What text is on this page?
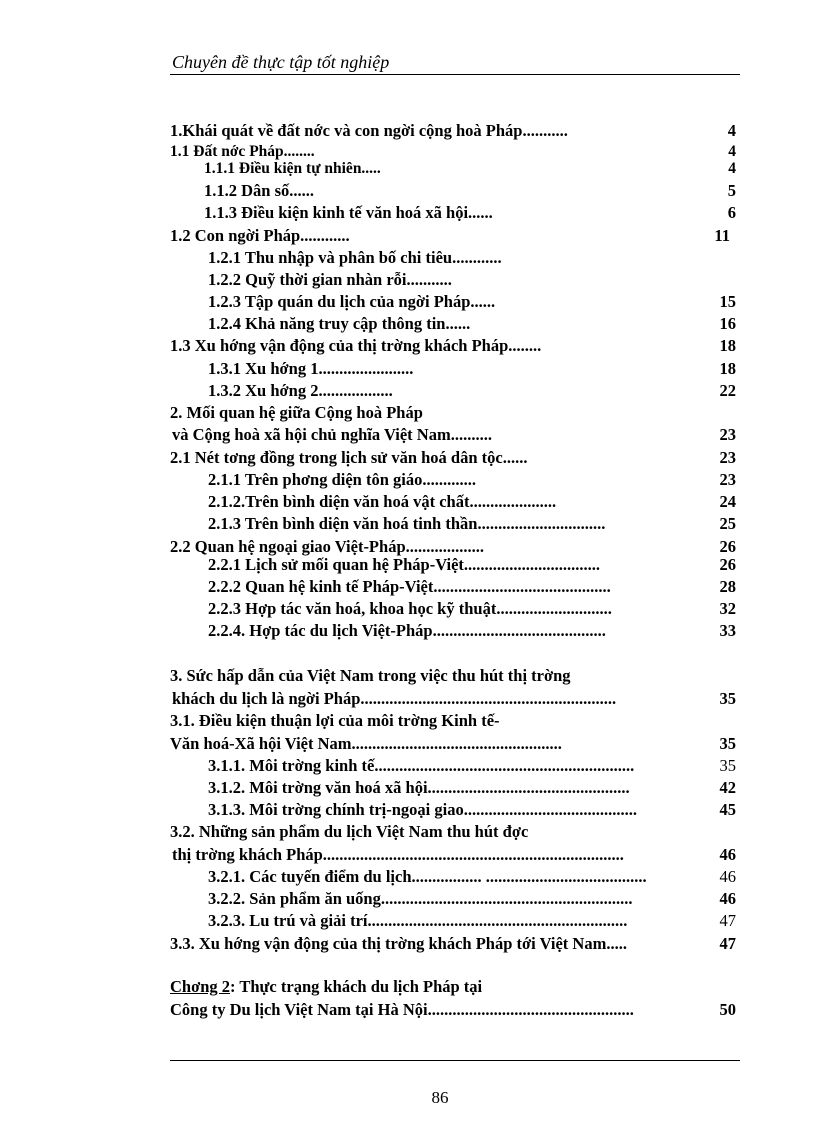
Chuyên đề thực tập tốt nghiệp
1.Khái quát về đất nớc và con ngời cộng hoà Pháp...........	4
1.1 Đất nớc Pháp........	4
1.1.1 Điều kiện tự nhiên.....	4
1.1.2 Dân số......	5
1.1.3 Điều kiện kinh tế văn hoá xã hội......	6
1.2 Con ngời Pháp............	11
1.2.1 Thu nhập và phân bố chi tiêu............
1.2.2 Quỹ thời gian nhàn rỗi...........
1.2.3 Tập quán du lịch của ngời Pháp......	15
1.2.4 Khả năng truy cập thông tin......	16
1.3 Xu hớng vận động của thị trờng khách Pháp........	18
1.3.1 Xu hớng 1.......................	18
1.3.2 Xu hớng 2..................	22
2. Mối quan hệ giữa Cộng hoà Pháp
và Cộng hoà xã hội chủ nghĩa Việt Nam..........	23
2.1 Nét tơng đồng trong lịch sử văn hoá dân tộc......	23
2.1.1 Trên phơng diện tôn giáo.............	23
2.1.2.Trên bình diện văn hoá vật chất.....................	24
2.1.3 Trên bình diện văn hoá tinh thần...............................	25
2.2 Quan hệ ngoại giao Việt-Pháp...................	26
2.2.1 Lịch sử mối quan hệ Pháp-Việt.................................	26
2.2.2 Quan hệ kinh tế Pháp-Việt...........................................	28
2.2.3 Hợp tác văn hoá, khoa học kỹ thuật............................	32
2.2.4. Hợp tác du lịch Việt-Pháp..........................................	33
3. Sức hấp dẫn của Việt Nam trong việc thu hút thị trờng
khách du lịch là ngời Pháp..............................................................	35
3.1. Điều kiện thuận lợi của môi trờng Kinh tế-
Văn hoá-Xã hội Việt Nam...................................................	35
3.1.1. Môi trờng kinh tế...............................................................	35
3.1.2. Môi trờng văn hoá xã hội.................................................	42
3.1.3. Môi trờng chính trị-ngoại giao..........................................	45
3.2. Những sản phẩm du lịch Việt Nam thu hút đợc
thị trờng khách Pháp.........................................................................	46
3.2.1. Các tuyến điểm du lịch................. .......................................	46
3.2.2. Sản phẩm ăn uống.............................................................	46
3.2.3. Lu trú và giải trí...............................................................	47
3.3. Xu hớng vận động của thị trờng khách Pháp tới Việt Nam.....	47
Chơng 2: Thực trạng khách du lịch Pháp tại
Công ty Du lịch Việt Nam tại Hà Nội..................................................	50
86
